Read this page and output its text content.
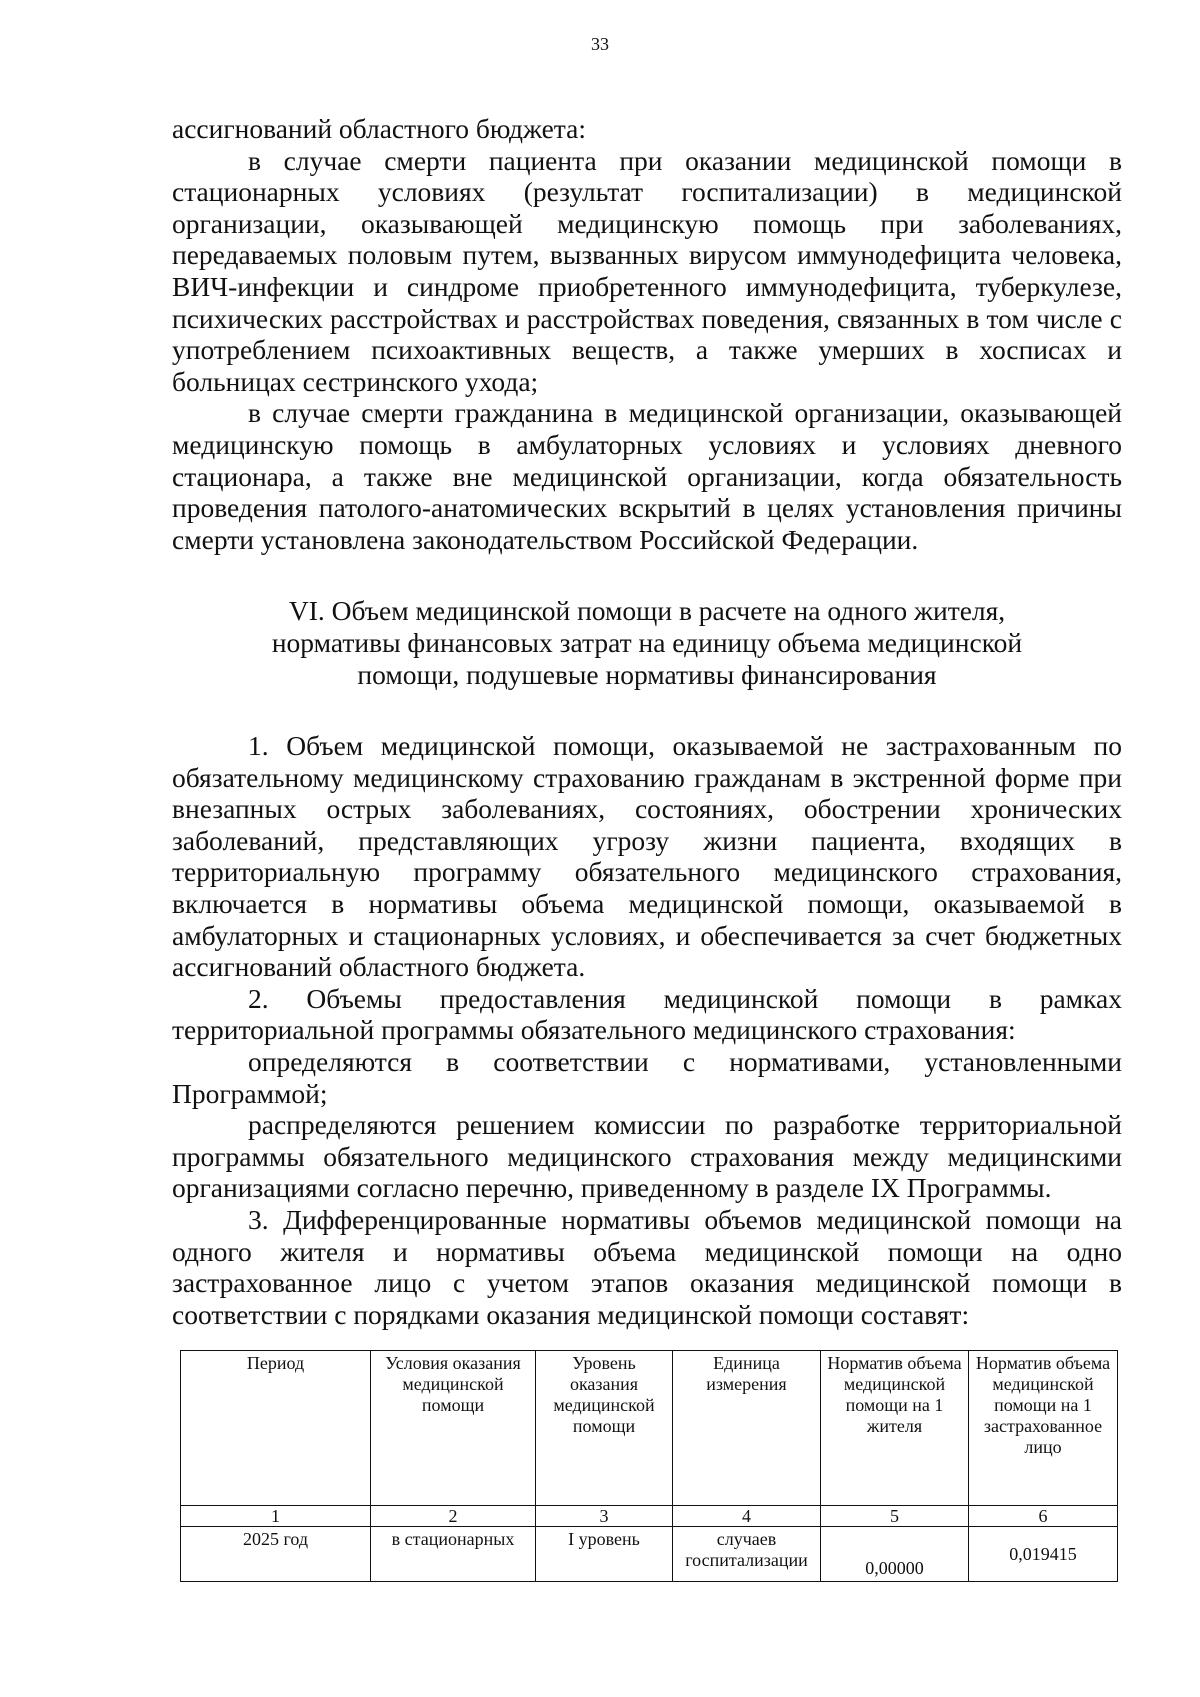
33

ассигнований областного бюджета:

в случае смерти пациента при оказании медицинской помощи в стационарных условиях (результат госпитализации) в медицинской организации, оказывающей медицинскую помощь при заболеваниях, передаваемых половым путем, вызванных вирусом иммунодефицита человека, ВИЧ-инфекции и синдроме приобретенного иммунодефицита, туберкулезе, психических расстройствах и расстройствах поведения, связанных в том числе с употреблением психоактивных веществ, а также умерших в хосписах и больницах сестринского ухода;

в случае смерти гражданина в медицинской организации, оказывающей медицинскую помощь в амбулаторных условиях и условиях дневного стационара, а также вне медицинской организации, когда обязательность проведения патолого-анатомических вскрытий в целях установления причины смерти установлена законодательством Российской Федерации.

VI. Объем медицинской помощи в расчете на одного жителя,
нормативы финансовых затрат на единицу объема медицинской
помощи, подушевые нормативы финансирования

1. Объем медицинской помощи, оказываемой не застрахованным по обязательному медицинскому страхованию гражданам в экстренной форме при внезапных острых заболеваниях, состояниях, обострении хронических заболеваний, представляющих угрозу жизни пациента, входящих в территориальную программу обязательного медицинского страхования, включается в нормативы объема медицинской помощи, оказываемой в амбулаторных и стационарных условиях, и обеспечивается за счет бюджетных ассигнований областного бюджета.

2. Объемы предоставления медицинской помощи в рамках территориальной программы обязательного медицинского страхования:

определяются в соответствии с нормативами, установленными Программой;

распределяются решением комиссии по разработке территориальной программы обязательного медицинского страхования между медицинскими организациями согласно перечню, приведенному в разделе IX Программы.

3. Дифференцированные нормативы объемов медицинской помощи на одного жителя и нормативы объема медицинской помощи на одно застрахованное лицо с учетом этапов оказания медицинской помощи в соответствии с порядками оказания медицинской помощи составят:

Период	Условия оказания медицинской помощи	Уровень оказания медицинской помощи	Единица измерения	Норматив объема медицинской помощи на 1 жителя	Норматив объема медицинской помощи на 1 застрахованное лицо
1	2	3	4	5	6
2025 год	в стационарных	I уровень	случаев госпитализации	0,00000	0,019415
